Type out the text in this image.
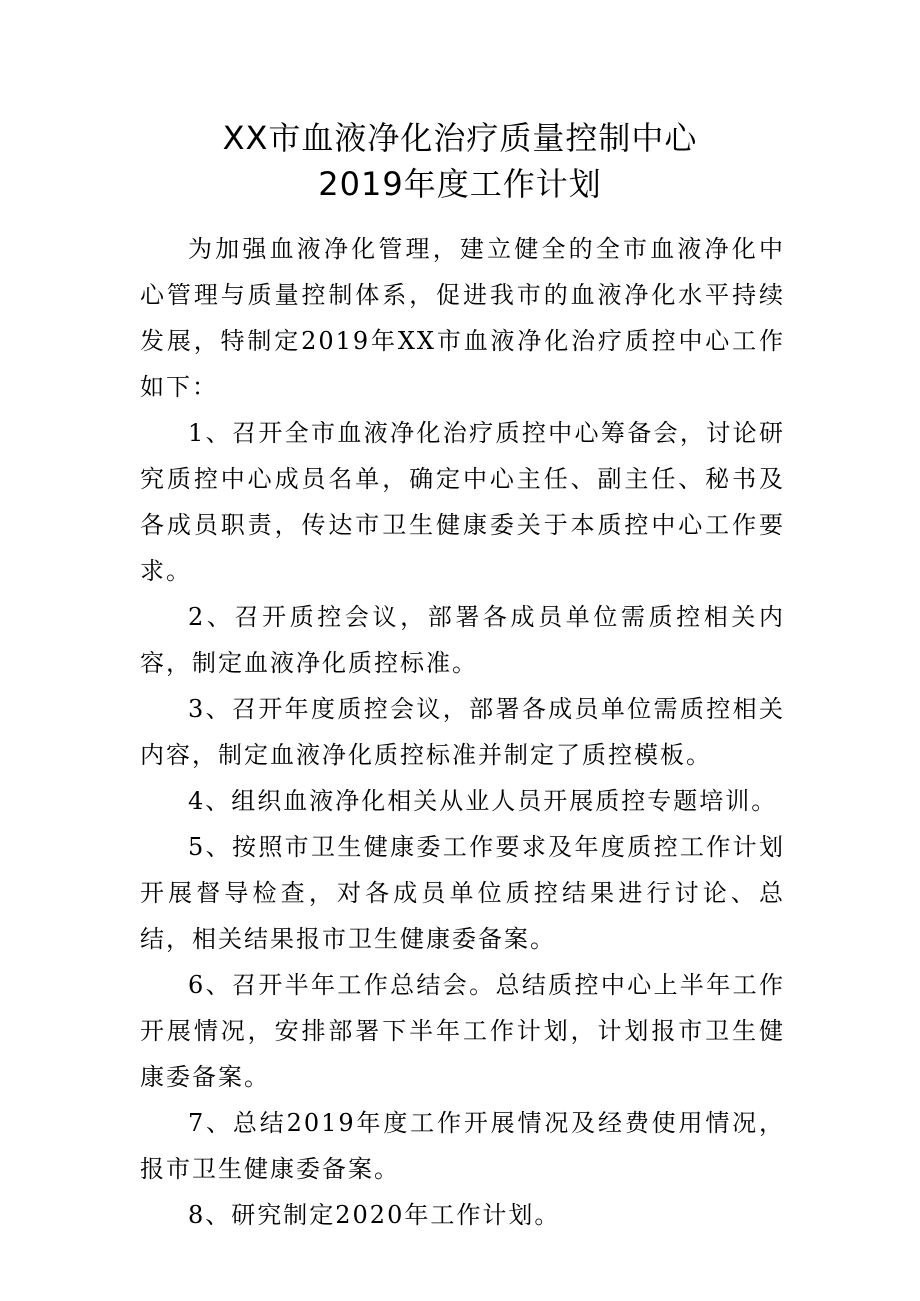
XX市血液净化治疗质量控制中心
2019年度工作计划

为加强血液净化管理，建立健全的全市血液净化中心管理与质量控制体系，促进我市的血液净化水平持续发展，特制定2019年XX市血液净化治疗质控中心工作如下：

1、召开全市血液净化治疗质控中心筹备会，讨论研究质控中心成员名单，确定中心主任、副主任、秘书及各成员职责，传达市卫生健康委关于本质控中心工作要求。

2、召开质控会议，部署各成员单位需质控相关内容，制定血液净化质控标准。

3、召开年度质控会议，部署各成员单位需质控相关内容，制定血液净化质控标准并制定了质控模板。

4、组织血液净化相关从业人员开展质控专题培训。

5、按照市卫生健康委工作要求及年度质控工作计划开展督导检查，对各成员单位质控结果进行讨论、总结，相关结果报市卫生健康委备案。

6、召开半年工作总结会。总结质控中心上半年工作开展情况，安排部署下半年工作计划，计划报市卫生健康委备案。

7、总结2019年度工作开展情况及经费使用情况，报市卫生健康委备案。

8、研究制定2020年工作计划。
